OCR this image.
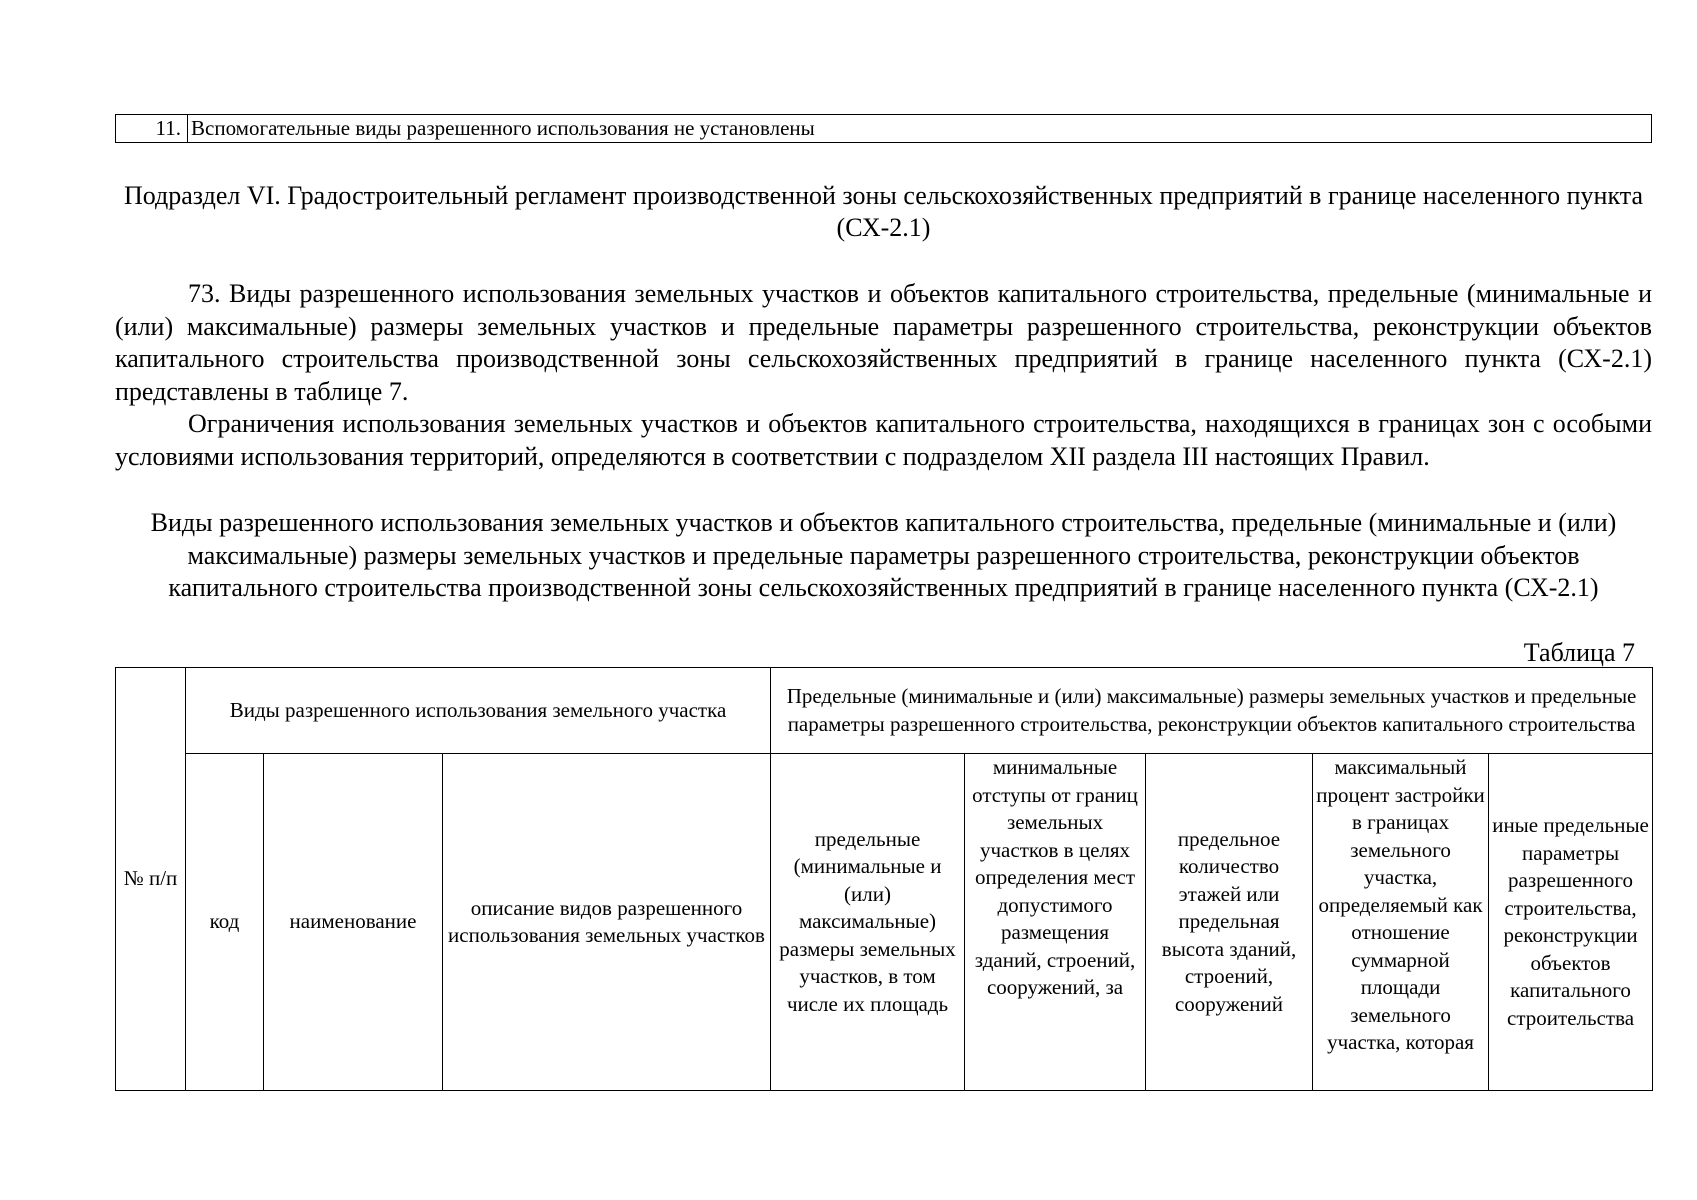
11.	Вспомогательные виды разрешенного использования не установлены
Подраздел VI. Градостроительный регламент производственной зоны сельскохозяйственных предприятий в границе населенного пункта (СХ-2.1)
73. Виды разрешенного использования земельных участков и объектов капитального строительства, предельные (минимальные и (или) максимальные) размеры земельных участков и предельные параметры разрешенного строительства, реконструкции объектов капитального строительства производственной зоны сельскохозяйственных предприятий в границе населенного пункта (СХ-2.1) представлены в таблице 7.
Ограничения использования земельных участков и объектов капитального строительства, находящихся в границах зон с особыми условиями использования территорий, определяются в соответствии с подразделом XII раздела III настоящих Правил.
Виды разрешенного использования земельных участков и объектов капитального строительства, предельные (минимальные и (или) максимальные) размеры земельных участков и предельные параметры разрешенного строительства, реконструкции объектов капитального строительства производственной зоны сельскохозяйственных предприятий в границе населенного пункта (СХ-2.1)
Таблица 7
№ п/п	Виды разрешенного использования земельного участка			Предельные (минимальные и (или) максимальные) размеры земельных участков и предельные параметры разрешенного строительства, реконструкции объектов капитального строительства				
	код	наименование	описание видов разрешенного использования земельных участков	предельные (минимальные и (или) максимальные) размеры земельных участков, в том числе их площадь	минимальные отступы от границ земельных участков в целях определения мест допустимого размещения зданий, строений, сооружений, за	предельное количество этажей или предельная высота зданий, строений, сооружений	максимальный процент застройки в границах земельного участка, определяемый как отношение суммарной площади земельного участка, которая	иные предельные параметры разрешенного строительства, реконструкции объектов капитального строительства
